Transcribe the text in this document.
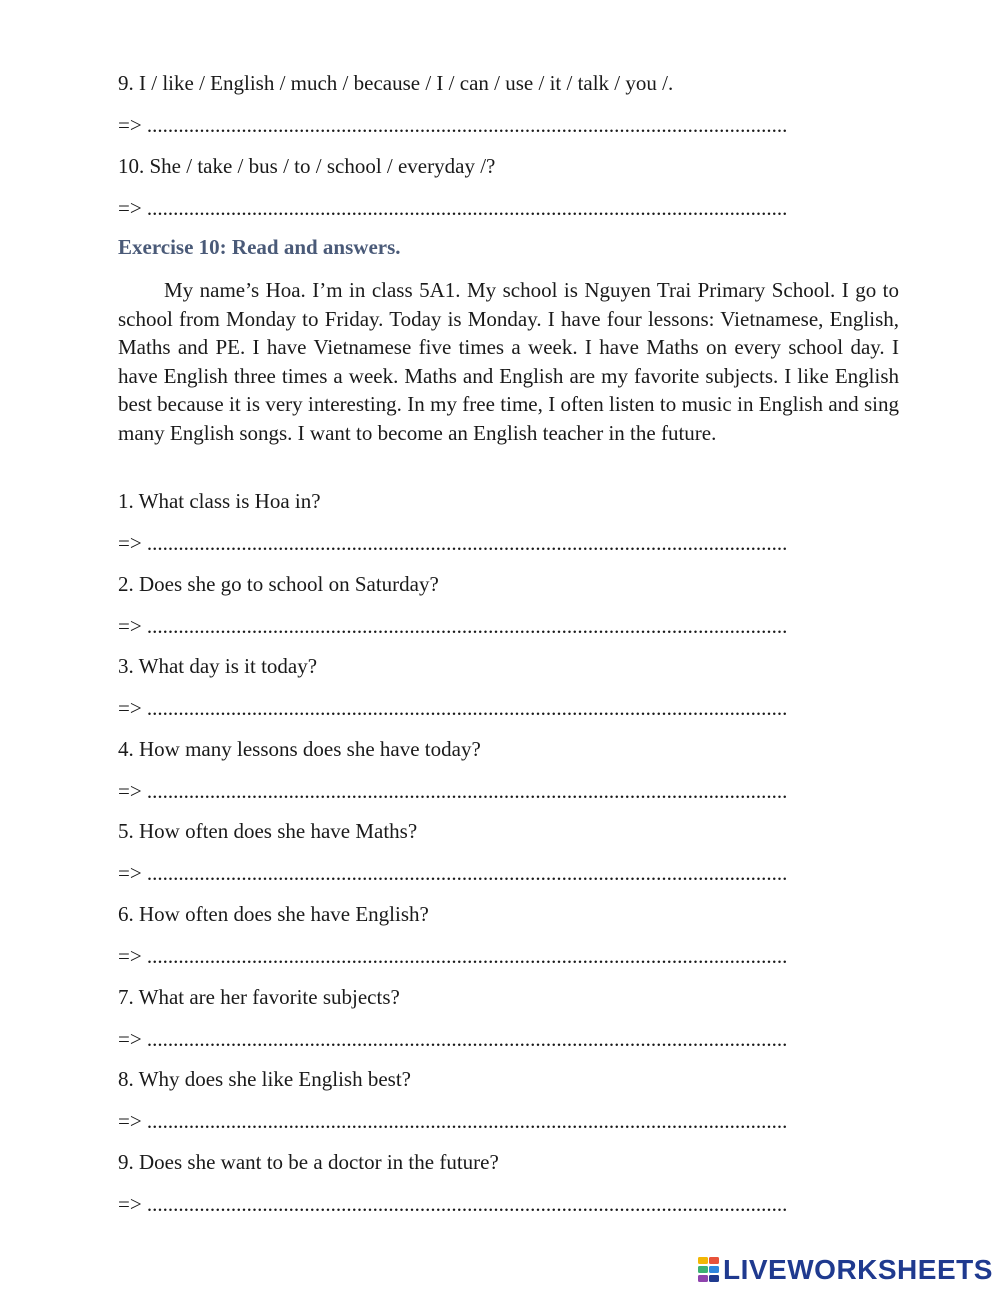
9. I / like / English / much / because / I / can / use / it / talk / you /.
=> ..........................................................................................................................
10. She / take / bus / to / school / everyday /?
=> ..........................................................................................................................
Exercise 10: Read and answers.

My name’s Hoa. I’m in class 5A1. My school is Nguyen Trai Primary School. I go to school from Monday to Friday. Today is Monday. I have four lessons: Vietnamese, English, Maths and PE. I have Vietnamese five times a week. I have Maths on every school day. I have English three times a week. Maths and English are my favorite subjects. I like English best because it is very interesting. In my free time, I often listen to music in English and sing many English songs. I want to become an English teacher in the future.

1. What class is Hoa in?
=> ..........................................................................................................................
2. Does she go to school on Saturday?
=> ..........................................................................................................................
3. What day is it today?
=> ..........................................................................................................................
4. How many lessons does she have today?
=> ..........................................................................................................................
5. How often does she have Maths?
=> ..........................................................................................................................
6. How often does she have English?
=> ..........................................................................................................................
7. What are her favorite subjects?
=> ..........................................................................................................................
8. Why does she like English best?
=> ..........................................................................................................................
9. Does she want to be a doctor in the future?
=> ..........................................................................................................................
LIVEWORKSHEETS
